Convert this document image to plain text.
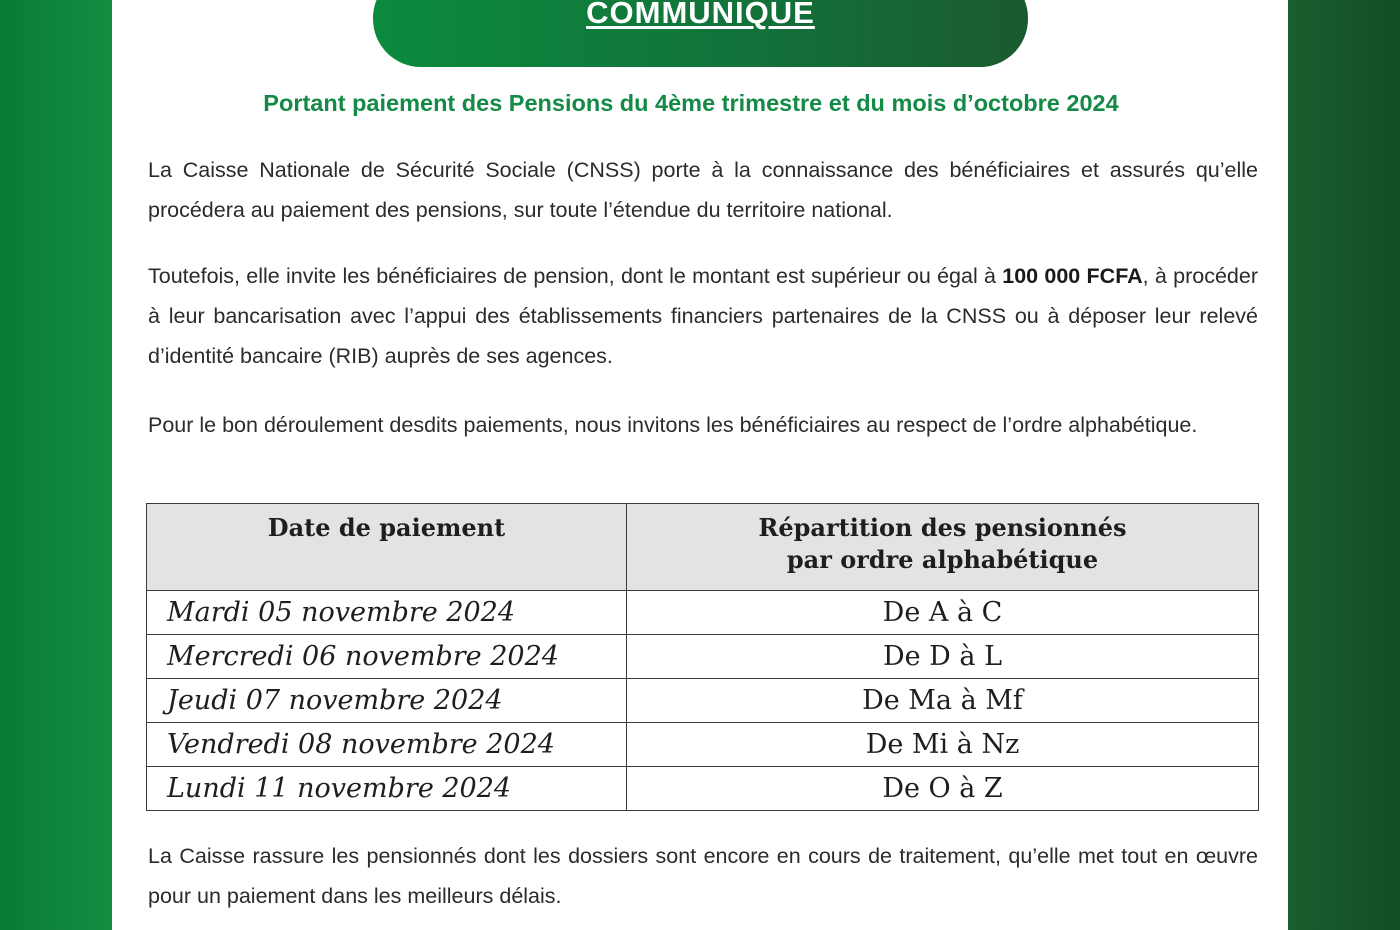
COMMUNIQUE
Portant paiement des Pensions du 4ème trimestre et du mois d’octobre 2024

La Caisse Nationale de Sécurité Sociale (CNSS) porte à la connaissance des bénéficiaires et assurés qu’elle procédera au paiement des pensions, sur toute l’étendue du territoire national.

Toutefois, elle invite les bénéficiaires de pension, dont le montant est supérieur ou égal à 100 000 FCFA, à procéder à leur bancarisation avec l’appui des établissements financiers partenaires de la CNSS ou à déposer leur relevé d’identité bancaire (RIB) auprès de ses agences.

Pour le bon déroulement desdits paiements, nous invitons les bénéficiaires au respect de l’ordre alphabétique.

Date de paiement	Répartition des pensionnés
par ordre alphabétique
Mardi 05 novembre 2024	De A à C
Mercredi 06 novembre 2024	De D à L
Jeudi 07 novembre 2024	De Ma à Mf
Vendredi 08 novembre 2024	De Mi à Nz
Lundi 11 novembre 2024	De O à Z

La Caisse rassure les pensionnés dont les dossiers sont encore en cours de traitement, qu’elle met tout en œuvre pour un paiement dans les meilleurs délais.
